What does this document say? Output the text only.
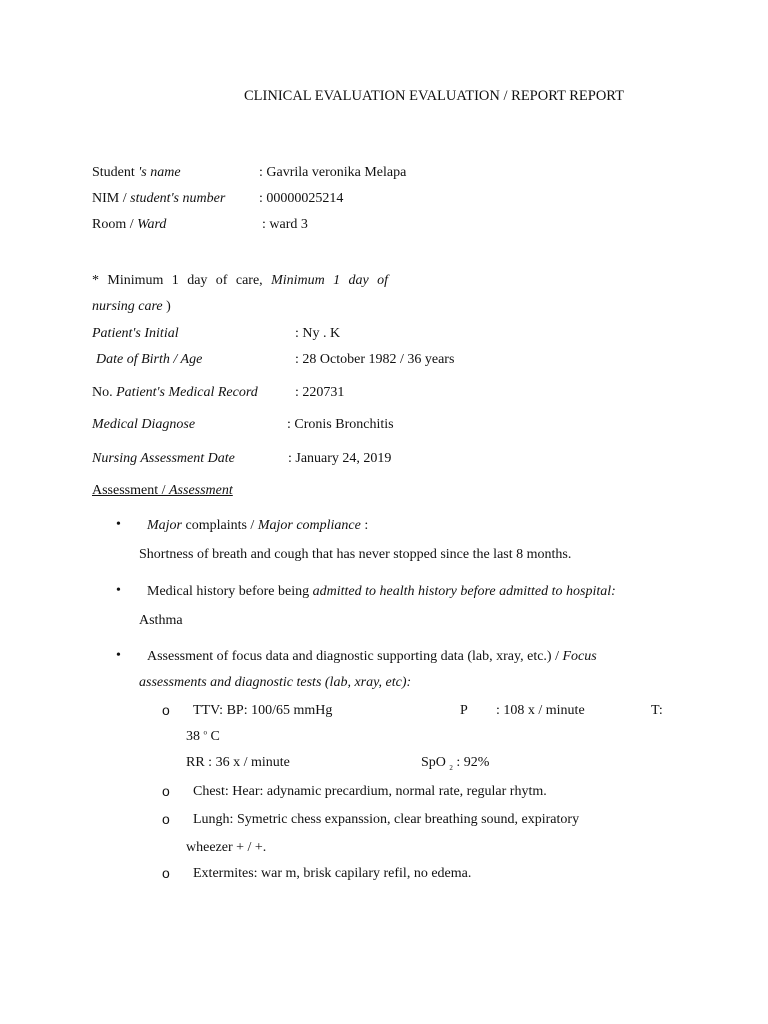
CLINICAL EVALUATION EVALUATION / REPORT REPORT
Student 's name	: Gavrila veronika Melapa
NIM / student's number : 00000025214
Room / Ward	: ward 3
* Minimum 1 day of care, Minimum 1 day of
nursing care )
Patient's Initial	: Ny . K
Date of Birth / Age	: 28 October 1982 / 36 years
No. Patient's Medical Record	: 220731
Medical Diagnose	: Cronis Bronchitis
Nursing Assessment Date	: January 24, 2019
Assessment / Assessment
• Major complaints / Major compliance :
Shortness of breath and cough that has never stopped since the last 8 months.
• Medical history before being admitted to health history before admitted to hospital:
Asthma
• Assessment of focus data and diagnostic supporting data (lab, xray, etc.) / Focus
assessments and diagnostic tests (lab, xray, etc):
o TTV: BP: 100/65 mmHg	P : 108 x / minute	T:
38 $^o$ C
RR : 36 x / minute	SpO $_2$ : 92%
o Chest: Hear: adynamic precardium, normal rate, regular rhytm.
o Lungh: Symetric chess expanssion, clear breathing sound, expiratory
wheezer + / +.
o Extermites: war m, brisk capilary refil, no edema.
